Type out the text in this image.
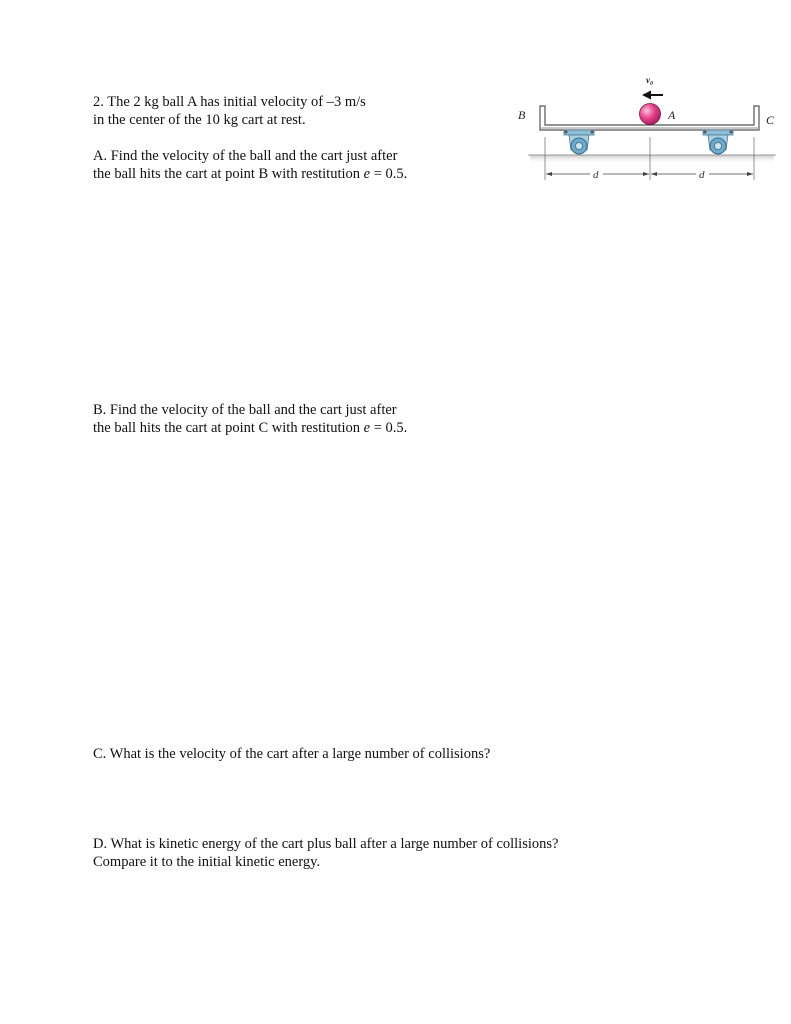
2. The 2 kg ball A has initial velocity of –3 m/s
in the center of the 10 kg cart at rest.
A. Find the velocity of the ball and the cart just after
the ball hits the cart at point B with restitution e = 0.5.
B. Find the velocity of the ball and the cart just after
the ball hits the cart at point C with restitution e = 0.5.
C. What is the velocity of the cart after a large number of collisions?
D. What is kinetic energy of the cart plus ball after a large number of collisions?
Compare it to the initial kinetic energy.
$v_0$
B	C
A
d	d
